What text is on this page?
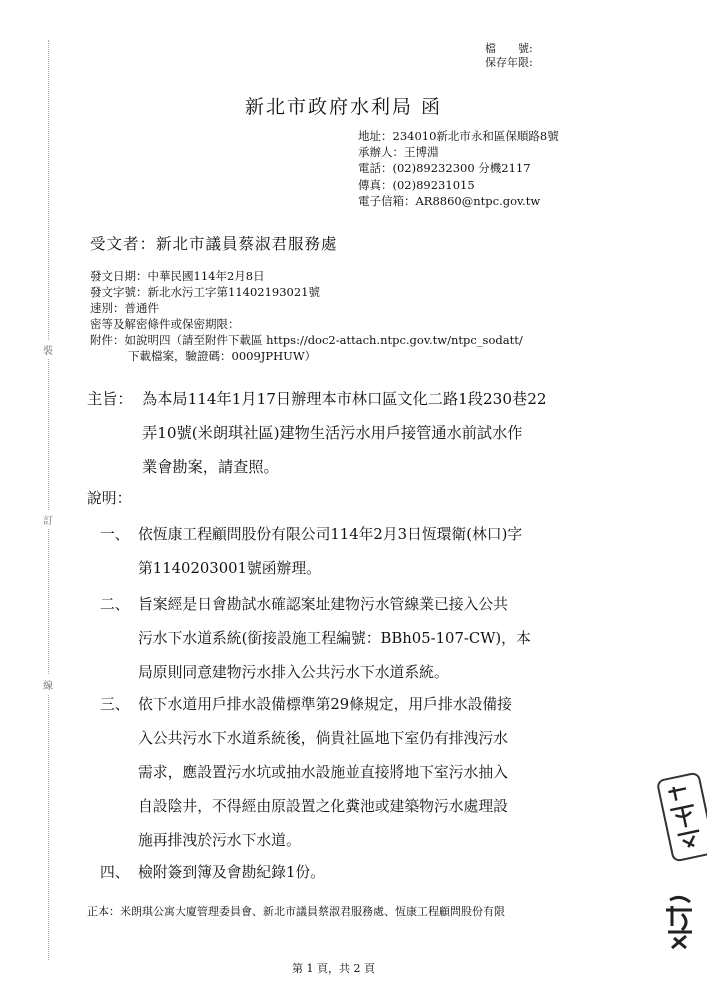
裝
訂
線
檔　　號:
保存年限:
新北市政府水利局 函
地址：234010新北市永和區保順路8號
承辦人：王博淵
電話：(02)89232300 分機2117
傳真：(02)89231015
電子信箱：AR8860@ntpc.gov.tw
受文者：新北市議員蔡淑君服務處
發文日期：中華民國114年2月8日
發文字號：新北水污工字第11402193021號
速別：普通件
密等及解密條件或保密期限：
附件：如說明四（請至附件下載區 https://doc2-attach.ntpc.gov.tw/ntpc_sodatt/
下載檔案，驗證碼：0009JPHUW）
主旨： 為本局114年1月17日辦理本市林口區文化二路1段230巷22
弄10號(米朗琪社區)建物生活污水用戶接管通水前試水作
業會勘案，請查照。
說明：
一、 依恆康工程顧問股份有限公司114年2月3日恆環衛(林口)字
第1140203001號函辦理。
二、 旨案經是日會勘試水確認案址建物污水管線業已接入公共
污水下水道系統(銜接設施工程編號：BBh05-107-CW)，本
局原則同意建物污水排入公共污水下水道系統。
三、 依下水道用戶排水設備標準第29條規定，用戶排水設備接
入公共污水下水道系統後，倘貴社區地下室仍有排洩污水
需求，應設置污水坑或抽水設施並直接將地下室污水抽入
自設陰井，不得經由原設置之化糞池或建築物污水處理設
施再排洩於污水下水道。
四、 檢附簽到簿及會勘紀錄1份。
正本：米朗琪公寓大廈管理委員會、新北市議員蔡淑君服務處、恆康工程顧問股份有限
第 1 頁，共 2 頁
